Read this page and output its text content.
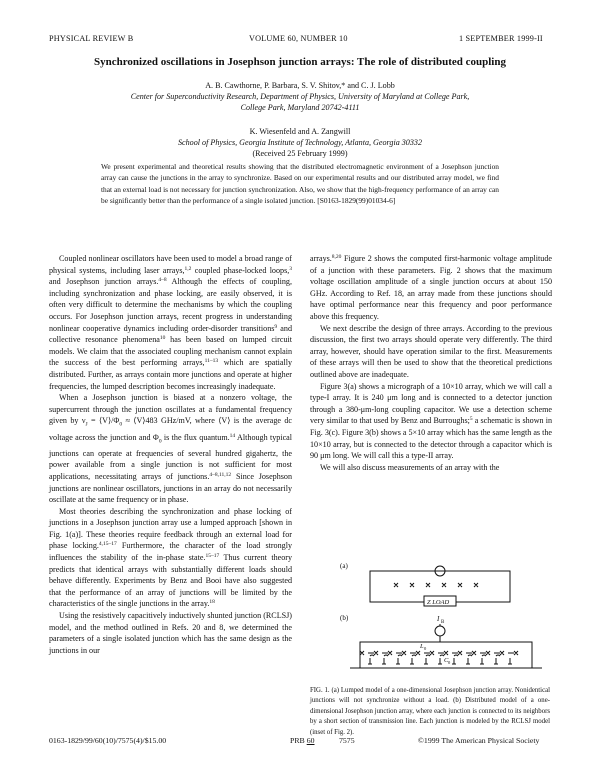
PHYSICAL REVIEW B	VOLUME 60, NUMBER 10	1 SEPTEMBER 1999-II
Synchronized oscillations in Josephson junction arrays: The role of distributed coupling
A. B. Cawthorne, P. Barbara, S. V. Shitov,* and C. J. Lobb
Center for Superconductivity Research, Department of Physics, University of Maryland at College Park,
College Park, Maryland 20742-4111
K. Wiesenfeld and A. Zangwill
School of Physics, Georgia Institute of Technology, Atlanta, Georgia 30332
(Received 25 February 1999)
We present experimental and theoretical results showing that the distributed electromagnetic environment of a Josephson junction array can cause the junctions in the array to synchronize. Based on our experimental results and our distributed array model, we find that an external load is not necessary for junction synchronization. Also, we show that the high-frequency performance of an array can be significantly better than the performance of a single isolated junction. [S0163-1829(99)01034-6]

Coupled nonlinear oscillators have been used to model a broad range of physical systems, including laser arrays,$^{1,2}$ coupled phase-locked loops,$^3$ and Josephson junction arrays.$^{4-8}$ Although the effects of coupling, including synchronization and phase locking, are easily observed, it is often very difficult to determine the mechanisms by which the coupling occurs. For Josephson junction arrays, recent progress in understanding nonlinear cooperative dynamics including order-disorder transitions$^9$ and collective resonance phenomena$^{10}$ has been based on lumped circuit models. We claim that the associated coupling mechanism cannot explain the success of the best performing arrays,$^{11-13}$ which are spatially distributed. Further, as arrays contain more junctions and operate at higher frequencies, the lumped description becomes increasingly inadequate.

When a Josephson junction is biased at a nonzero voltage, the supercurrent through the junction oscillates at a fundamental frequency given by $\nu_J$ = $⟨V⟩/\Phi_0$ ≈ ⟨V⟩483 GHz/mV, where ⟨V⟩ is the average dc voltage across the junction and $\Phi_0$ is the flux quantum.$^{14}$ Although typical junctions can operate at frequencies of several hundred gigahertz, the power available from a single junction is not sufficient for most applications, necessitating arrays of junctions.$^{4-8,11,12}$ Since Josephson junctions are nonlinear oscillators, junctions in an array do not necessarily oscillate at the same frequency or in phase.

Most theories describing the synchronization and phase locking of junctions in a Josephson junction array use a lumped approach [shown in Fig. 1(a)]. These theories require feedback through an external load for phase locking.$^{4,15-17}$ Furthermore, the character of the load strongly influences the stability of the in-phase state.$^{15-17}$ Thus current theory predicts that identical arrays with substantially different loads should behave differently. Experiments by Benz and Booi have also suggested that the performance of an array of junctions will be limited by the characteristics of the single junctions in the array.$^{18}$

Using the resistively capacitively inductively shunted junction (RCLSJ) model, and the method outlined in Refs. 20 and 8, we determined the parameters of a single isolated junction which has the same design as the junctions in our

arrays.$^{8,20}$ Figure 2 shows the computed first-harmonic voltage amplitude of a junction with these parameters. Fig. 2 shows that the maximum voltage oscillation amplitude of a single junction occurs at about 150 GHz. According to Ref. 18, an array made from these junctions should have optimal performance near this frequency and poor performance above this frequency.

We next describe the design of three arrays. According to the previous discussion, the first two arrays should operate very differently. The third array, however, should have operation similar to the first. Measurements of these arrays will then be used to show that the theoretical predictions outlined above are inadequate.

Figure 3(a) shows a micrograph of a 10×10 array, which we will call a type-I array. It is 240 μm long and is connected to a detector junction through a 380-μm-long coupling capacitor. We use a detection scheme very similar to that used by Benz and Burroughs;$^5$ a schematic is shown in Fig. 3(c). Figure 3(b) shows a 5×10 array which has the same length as the 10×10 array, but is connected to the detector through a capacitor which is 90 μm long. We will call this a type-II array.

We will also discuss measurements of an array with the

(a)
Z LOAD
(b)	I B
L 0
C 0
FIG. 1. (a) Lumped model of a one-dimensional Josephson junction array. Nonidentical junctions will not synchronize without a load. (b) Distributed model of a one-dimensional Josephson junction array, where each junction is connected to its neighbors by a short section of transmission line. Each junction is modeled by the RCLSJ model (inset of Fig. 2).
0163-1829/99/60(10)/7575(4)/$15.00	PRB 60	7575	©1999 The American Physical Society
